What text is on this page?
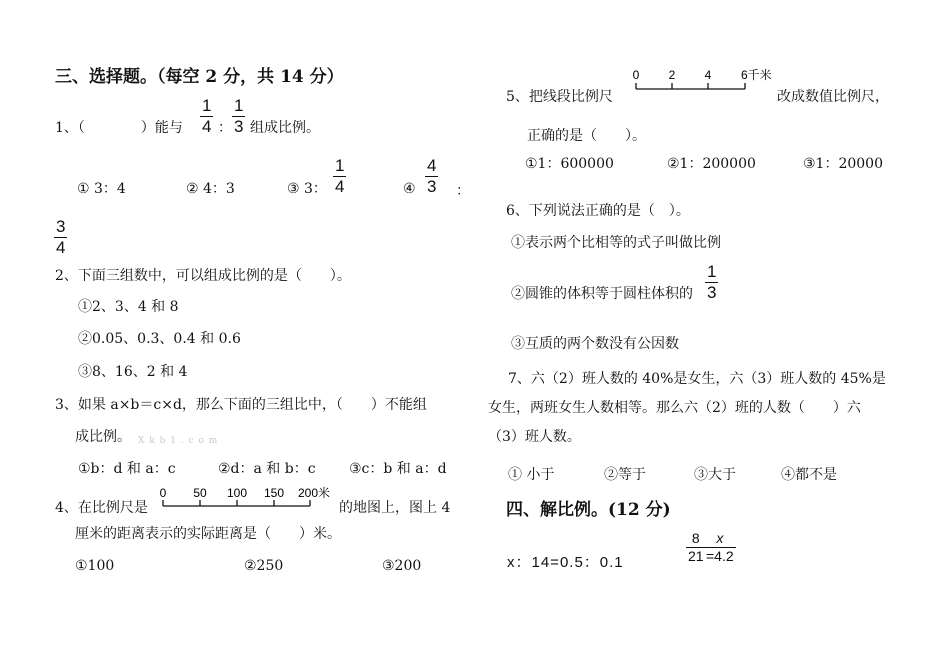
三、选择题。（每空 2 分，共 14 分）
1、（　　　　）能与
1
4 ：
1
3 组成比例。
① 3：4	② 4：3	③ 3：
1
4	④
4
3 ：
3
4
2、下面三组数中，可以组成比例的是（　　）。
①2、3、4 和 8
②0.05、0.3、0.4 和 0.6
③8、16、2 和 4
3、如果 a×b＝c×d，那么下面的三组比中，（　　）不能组
成比例。 X k b 1 . c o m
①b：d 和 a：c	②d：a 和 b：c ③c：b 和 a：d
4、在比例尺是
0 50 100 150 200米
的地图上，图上 4
厘米的距离表示的实际距离是（　　）米。
①100	②250	③200
5、把线段比例尺
0 2 4 6千米
改成数值比例尺，
正确的是（　　）。
①1：600000	②1：200000	③1：20000
6、下列说法正确的是（　）。
①表示两个比相等的式子叫做比例
②圆锥的体积等于圆柱体积的
1
3
③互质的两个数没有公因数
7、六（2）班人数的 40%是女生，六（3）班人数的 45%是
女生，两班女生人数相等。那么六（2）班的人数（　　）六
（3）班人数。
① 小于	②等于	③大于	④都不是
四、解比例。(12 分)
x：14=0.5：0.1
8
21
x
=4.2
